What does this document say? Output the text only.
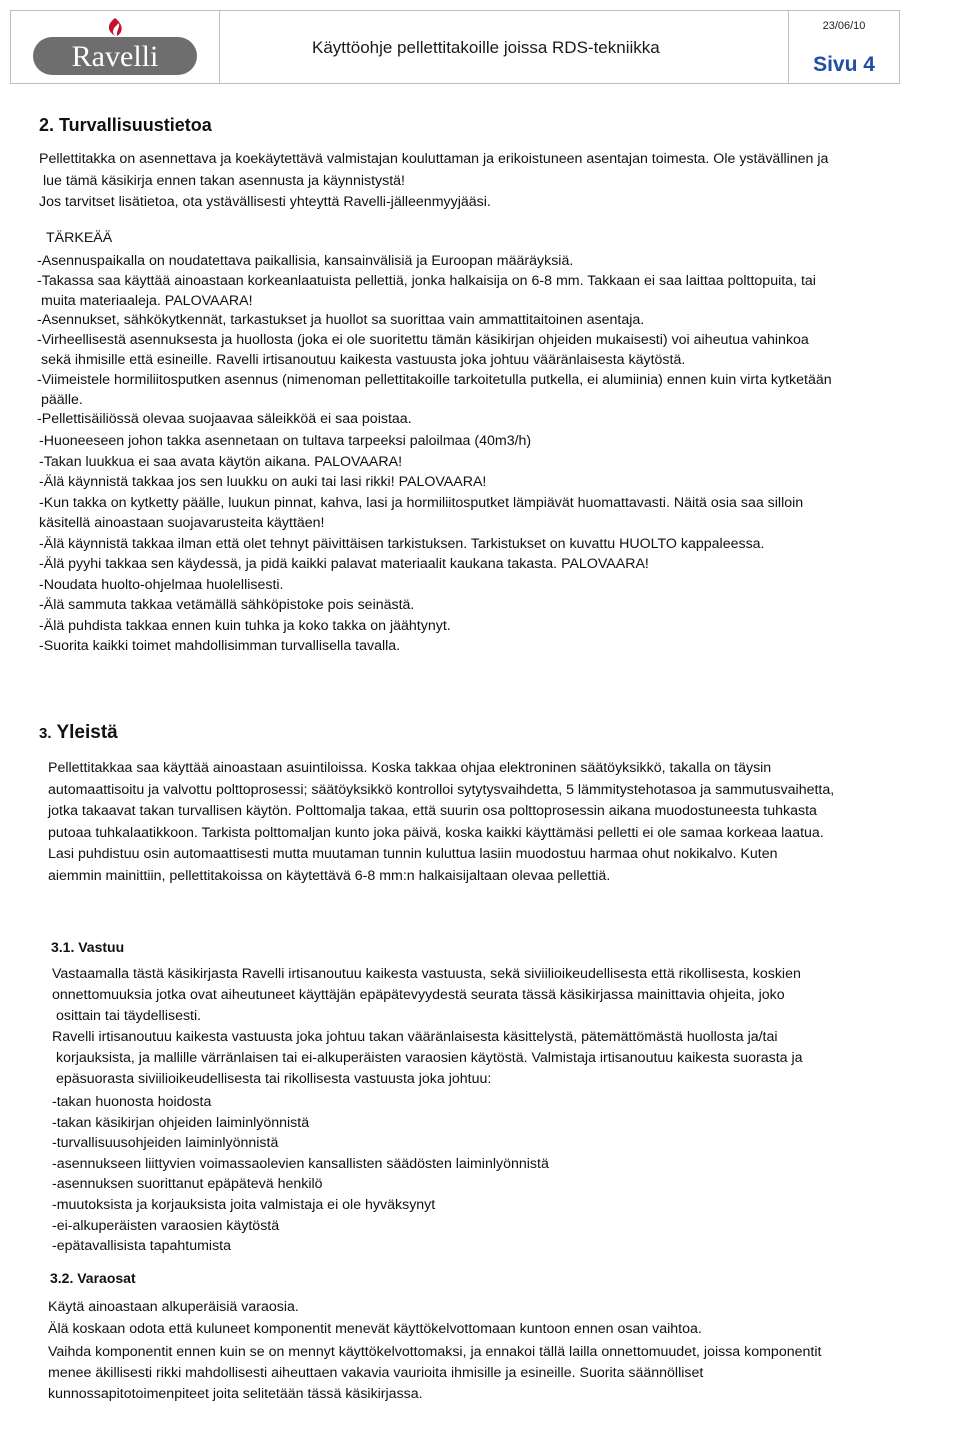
Ravelli	Käyttöohje pellettitakoille joissa RDS-tekniikka
23/06/10
Sivu 4
2. Turvallisuustietoa

Pellettitakka on asennettava ja koekäytettävä valmistajan kouluttaman ja erikoistuneen asentajan toimesta. Ole ystävällinen ja

lue tämä käsikirja ennen takan asennusta ja käynnistystä!

Jos tarvitset lisätietoa, ota ystävällisesti yhteyttä Ravelli-jälleenmyyjääsi.

TÄRKEÄÄ

-Asennuspaikalla on noudatettava paikallisia, kansainvälisiä ja Euroopan määräyksiä.

-Takassa saa käyttää ainoastaan korkeanlaatuista pellettiä, jonka halkaisija on 6-8 mm. Takkaan ei saa laittaa polttopuita, tai

muita materiaaleja. PALOVAARA!

-Asennukset, sähkökytkennät, tarkastukset ja huollot sa suorittaa vain ammattitaitoinen asentaja.

-Virheellisestä asennuksesta ja huollosta (joka ei ole suoritettu tämän käsikirjan ohjeiden mukaisesti) voi aiheutua vahinkoa

sekä ihmisille että esineille. Ravelli irtisanoutuu kaikesta vastuusta joka johtuu vääränlaisesta käytöstä.

-Viimeistele hormiliitosputken asennus (nimenoman pellettitakoille tarkoitetulla putkella, ei alumiinia) ennen kuin virta kytketään

päälle.

-Pellettisäiliössä olevaa suojaavaa säleikköä ei saa poistaa.

-Huoneeseen johon takka asennetaan on tultava tarpeeksi paloilmaa (40m3/h)

-Takan luukkua ei saa avata käytön aikana. PALOVAARA!

-Älä käynnistä takkaa jos sen luukku on auki tai lasi rikki! PALOVAARA!

-Kun takka on kytketty päälle, luukun pinnat, kahva, lasi ja hormiliitosputket lämpiävät huomattavasti. Näitä osia saa silloin

käsitellä ainoastaan suojavarusteita käyttäen!

-Älä käynnistä takkaa ilman että olet tehnyt päivittäisen tarkistuksen. Tarkistukset on kuvattu HUOLTO kappaleessa.

-Älä pyyhi takkaa sen käydessä, ja pidä kaikki palavat materiaalit kaukana takasta. PALOVAARA!

-Noudata huolto-ohjelmaa huolellisesti.

-Älä sammuta takkaa vetämällä sähköpistoke pois seinästä.

-Älä puhdista takkaa ennen kuin tuhka ja koko takka on jäähtynyt.

-Suorita kaikki toimet mahdollisimman turvallisella tavalla.

3. Yleistä

Pellettitakkaa saa käyttää ainoastaan asuintiloissa. Koska takkaa ohjaa elektroninen säätöyksikkö, takalla on täysin

automaattisoitu ja valvottu polttoprosessi; säätöyksikkö kontrolloi sytytysvaihdetta, 5 lämmitystehotasoa ja sammutusvaihetta,

jotka takaavat takan turvallisen käytön. Polttomalja takaa, että suurin osa polttoprosessin aikana muodostuneesta tuhkasta

putoaa tuhkalaatikkoon. Tarkista polttomaljan kunto joka päivä, koska kaikki käyttämäsi pelletti ei ole samaa korkeaa laatua.

Lasi puhdistuu osin automaattisesti mutta muutaman tunnin kuluttua lasiin muodostuu harmaa ohut nokikalvo. Kuten

aiemmin mainittiin, pellettitakoissa on käytettävä 6-8 mm:n halkaisijaltaan olevaa pellettiä.

3.1. Vastuu

Vastaamalla tästä käsikirjasta Ravelli irtisanoutuu kaikesta vastuusta, sekä siviilioikeudellisesta että rikollisesta, koskien

onnettomuuksia jotka ovat aiheutuneet käyttäjän epäpätevyydestä seurata tässä käsikirjassa mainittavia ohjeita, joko

osittain tai täydellisesti.

Ravelli irtisanoutuu kaikesta vastuusta joka johtuu takan vääränlaisesta käsittelystä, pätemättömästä huollosta ja/tai

korjauksista, ja mallille värränlaisen tai ei-alkuperäisten varaosien käytöstä. Valmistaja irtisanoutuu kaikesta suorasta ja

epäsuorasta siviilioikeudellisesta tai rikollisesta vastuusta joka johtuu:

-takan huonosta hoidosta

-takan käsikirjan ohjeiden laiminlyönnistä

-turvallisuusohjeiden laiminlyönnistä

-asennukseen liittyvien voimassaolevien kansallisten säädösten laiminlyönnistä

-asennuksen suorittanut epäpätevä henkilö

-muutoksista ja korjauksista joita valmistaja ei ole hyväksynyt

-ei-alkuperäisten varaosien käytöstä

-epätavallisista tapahtumista

3.2. Varaosat

Käytä ainoastaan alkuperäisiä varaosia.

Älä koskaan odota että kuluneet komponentit menevät käyttökelvottomaan kuntoon ennen osan vaihtoa.

Vaihda komponentit ennen kuin se on mennyt käyttökelvottomaksi, ja ennakoi tällä lailla onnettomuudet, joissa komponentit

menee äkillisesti rikki mahdollisesti aiheuttaen vakavia vaurioita ihmisille ja esineille. Suorita säännölliset

kunnossapitotoimenpiteet joita selitetään tässä käsikirjassa.
